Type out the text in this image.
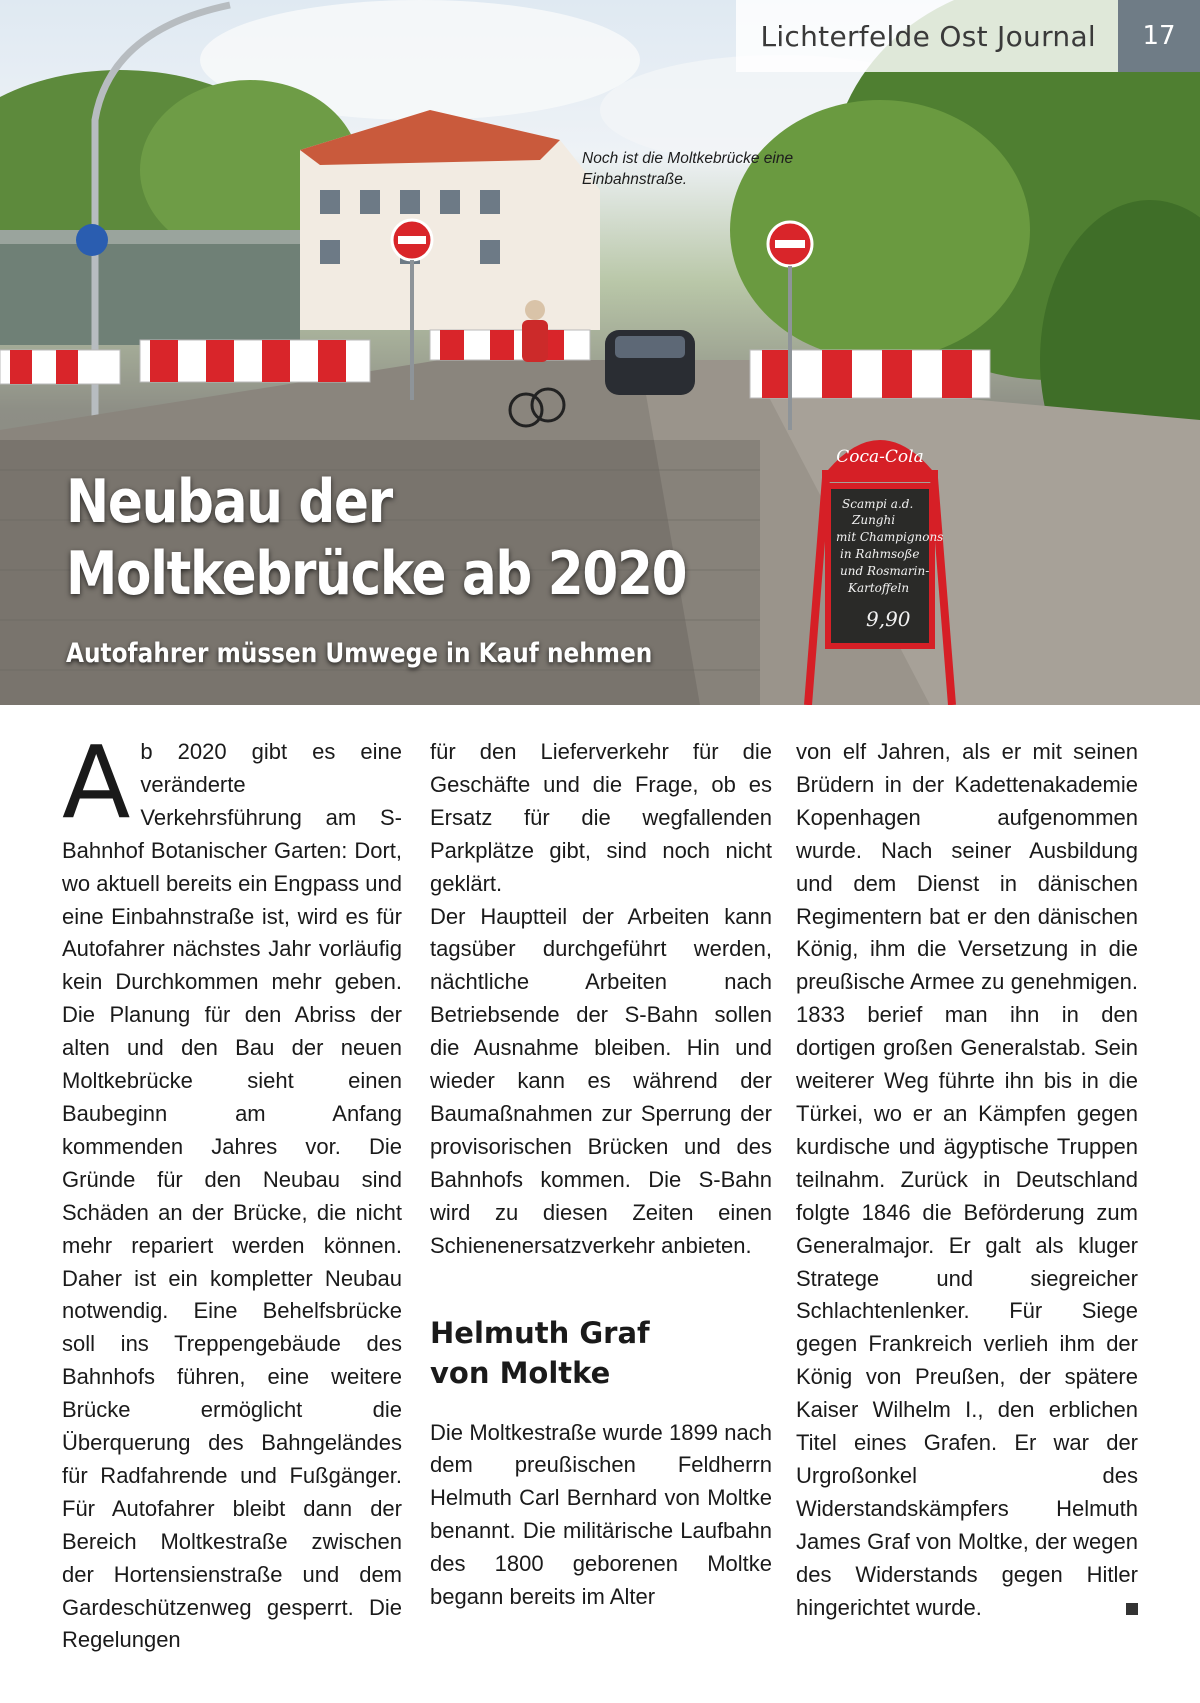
Coca-Cola
Scampi a.d.
Zunghi
mit Champignons
in Rahmsoße
und Rosmarin-
Kartoffeln
9,90
Lichterfelde Ost Journal	17
Noch ist die Moltkebrücke eine Einbahnstraße.
Neubau der
Moltkebrücke ab 2020
Autofahrer müssen Umwege in Kauf nehmen
A b 2020 gibt es eine veränderte Verkehrsführung am S-Bahnhof Botanischer Garten: Dort, wo aktuell bereits ein Engpass und eine Einbahnstraße ist, wird es für Autofahrer nächstes Jahr vorläufig kein Durchkommen mehr geben. Die Planung für den Abriss der alten und den Bau der neuen Moltkebrücke sieht einen Baubeginn am Anfang kommenden Jahres vor. Die Gründe für den Neubau sind Schäden an der Brücke, die nicht mehr repariert werden können. Daher ist ein kompletter Neubau notwendig. Eine Behelfsbrücke soll ins Treppengebäude des Bahnhofs führen, eine weitere Brücke ermöglicht die Überquerung des Bahngeländes für Radfahrende und Fußgänger. Für Autofahrer bleibt dann der Bereich Moltkestraße zwischen der Hortensienstraße und dem Gardeschützenweg gesperrt. Die Regelungen

für den Lieferverkehr für die Geschäfte und die Frage, ob es Ersatz für die wegfallenden Parkplätze gibt, sind noch nicht geklärt.

Der Hauptteil der Arbeiten kann tagsüber durchgeführt werden, nächtliche Arbeiten nach Betriebsende der S-Bahn sollen die Ausnahme bleiben. Hin und wieder kann es während der Baumaßnahmen zur Sperrung der provisorischen Brücken und des Bahnhofs kommen. Die S-Bahn wird zu diesen Zeiten einen Schienenersatzverkehr anbieten.

Helmuth Graf
von Moltke

Die Moltkestraße wurde 1899 nach dem preußischen Feldherrn Helmuth Carl Bernhard von Moltke benannt. Die militärische Laufbahn des 1800 geborenen Moltke begann bereits im Alter

von elf Jahren, als er mit seinen Brüdern in der Kadettenakademie Kopenhagen aufgenommen wurde. Nach seiner Ausbildung und dem Dienst in dänischen Regimentern bat er den dänischen König, ihm die Versetzung in die preußische Armee zu genehmigen. 1833 berief man ihn in den dortigen großen Generalstab. Sein weiterer Weg führte ihn bis in die Türkei, wo er an Kämpfen gegen kurdische und ägyptische Truppen teilnahm. Zurück in Deutschland folgte 1846 die Beförderung zum Generalmajor. Er galt als kluger Stratege und siegreicher Schlachtenlenker. Für Siege gegen Frankreich verlieh ihm der König von Preußen, der spätere Kaiser Wilhelm I., den erblichen Titel eines Grafen. Er war der Urgroßonkel des Widerstandskämpfers Helmuth James Graf von Moltke, der wegen des Widerstands gegen Hitler hingerichtet wurde.
